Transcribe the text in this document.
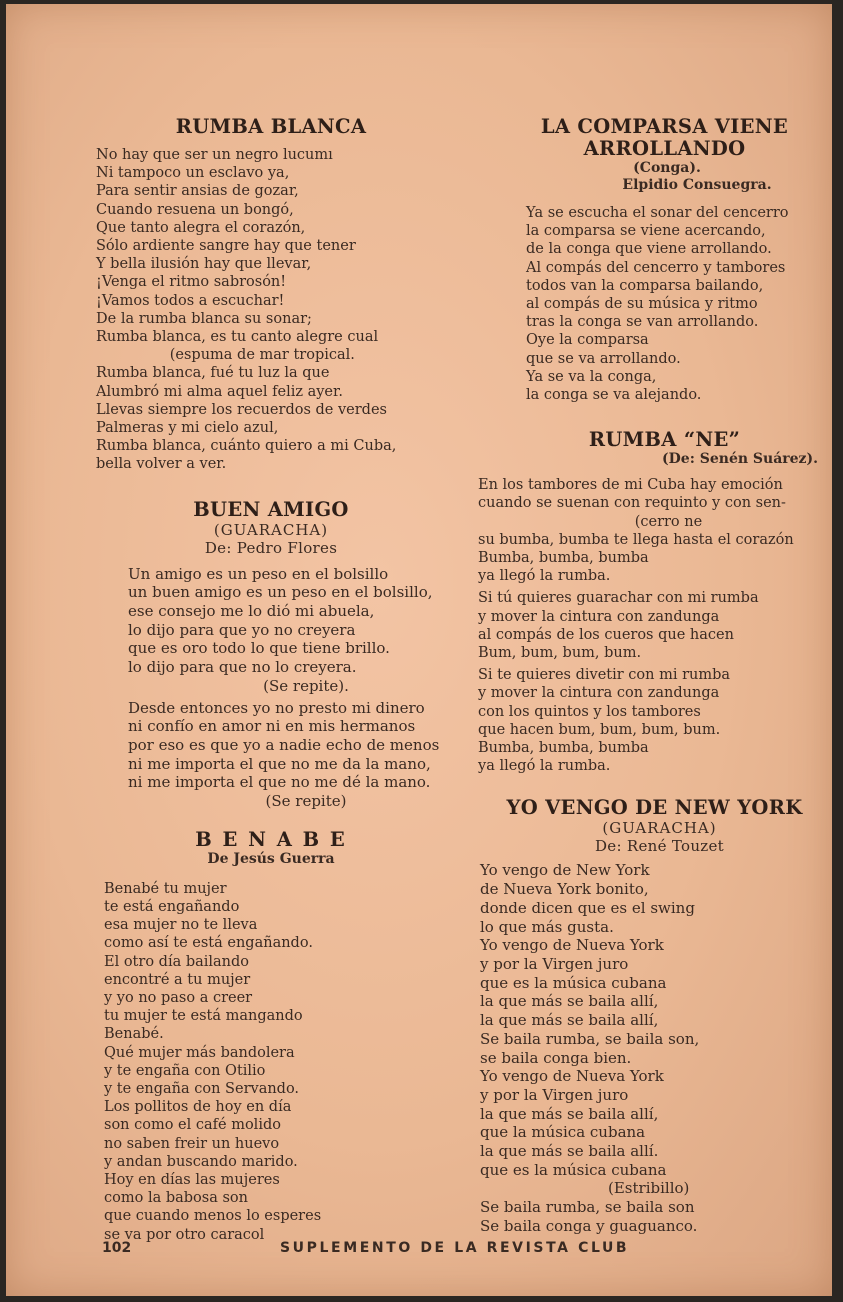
RUMBA BLANCA
No hay que ser un negro lucumı
Ni tampoco un esclavo ya,
Para sentir ansias de gozar,
Cuando resuena un bongó,
Que tanto alegra el corazón,
Sólo ardiente sangre hay que tener
Y bella ilusión hay que llevar,
¡Venga el ritmo sabrosón!
¡Vamos todos a escuchar!
De la rumba blanca su sonar;
Rumba blanca, es tu canto alegre cual
(espuma de mar tropical.
Rumba blanca, fué tu luz la que
Alumbró mi alma aquel feliz ayer.
Llevas siempre los recuerdos de verdes
Palmeras y mi cielo azul,
Rumba blanca, cuánto quiero a mi Cuba,
bella volver a ver.
BUEN AMIGO
(GUARACHA)
De: Pedro Flores
Un amigo es un peso en el bolsillo
un buen amigo es un peso en el bolsillo,
ese consejo me lo dió mi abuela,
lo dijo para que yo no creyera
que es oro todo lo que tiene brillo.
lo dijo para que no lo creyera.
(Se repite).
Desde entonces yo no presto mi dinero
ni confío en amor ni en mis hermanos
por eso es que yo a nadie echo de menos
ni me importa el que no me da la mano,
ni me importa el que no me dé la mano.
(Se repite)
B E N A B E
De Jesús Guerra
Benabé tu mujer
te está engañando
esa mujer no te lleva
como así te está engañando.
El otro día bailando
encontré a tu mujer
y yo no paso a creer
tu mujer te está mangando
Benabé.
Qué mujer más bandolera
y te engaña con Otilio
y te engaña con Servando.
Los pollitos de hoy en día
son como el café molido
no saben freir un huevo
y andan buscando marido.
Hoy en días las mujeres
como la babosa son
que cuando menos lo esperes
se va por otro caracol
LA COMPARSA VIENE
ARROLLANDO
(Conga).
Elpidio Consuegra.
Ya se escucha el sonar del cencerro
la comparsa se viene acercando,
de la conga que viene arrollando.
Al compás del cencerro y tambores
todos van la comparsa bailando,
al compás de su música y ritmo
tras la conga se van arrollando.
Oye la comparsa
que se va arrollando.
Ya se va la conga,
la conga se va alejando.
RUMBA “NE”
(De: Senén Suárez).
En los tambores de mi Cuba hay emoción
cuando se suenan con requinto y con sen-
(cerro ne
su bumba, bumba te llega hasta el corazón
Bumba, bumba, bumba
ya llegó la rumba.
Si tú quieres guarachar con mi rumba
y mover la cintura con zandunga
al compás de los cueros que hacen
Bum, bum, bum, bum.
Si te quieres divetir con mi rumba
y mover la cintura con zandunga
con los quintos y los tambores
que hacen bum, bum, bum, bum.
Bumba, bumba, bumba
ya llegó la rumba.
YO VENGO DE NEW YORK
(GUARACHA)
De: René Touzet
Yo vengo de New York
de Nueva York bonito,
donde dicen que es el swing
lo que más gusta.
Yo vengo de Nueva York
y por la Virgen juro
que es la música cubana
la que más se baila allí,
la que más se baila allí,
Se baila rumba, se baila son,
se baila conga bien.
Yo vengo de Nueva York
y por la Virgen juro
la que más se baila allí,
que la música cubana
la que más se baila allí.
que es la música cubana
(Estribillo)
Se baila rumba, se baila son
Se baila conga y guaguanco.
102	SUPLEMENTO DE LA REVISTA CLUB
